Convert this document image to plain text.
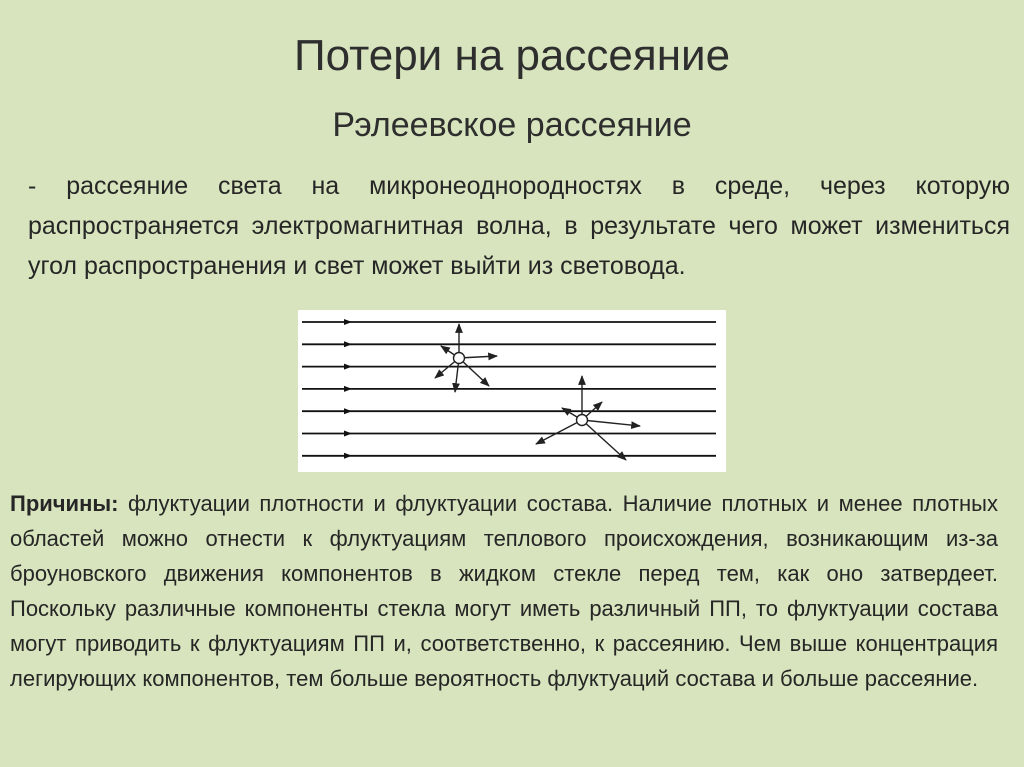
Потери на рассеяние
Рэлеевское рассеяние

- рассеяние света на микронеоднородностях в среде, через которую распространяется электромагнитная волна, в результате чего может измениться угол распространения и свет может выйти из световода.

Причины: флуктуации плотности и флуктуации состава. Наличие плотных и менее плотных областей можно отнести к флуктуациям теплового происхождения, возникающим из-за броуновского движения компонентов в жидком стекле перед тем, как оно затвердеет. Поскольку различные компоненты стекла могут иметь различный ПП, то флуктуации состава могут приводить к флуктуациям ПП и, соответственно, к рассеянию. Чем выше концентрация легирующих компонентов, тем больше вероятность флуктуаций состава и больше рассеяние.
